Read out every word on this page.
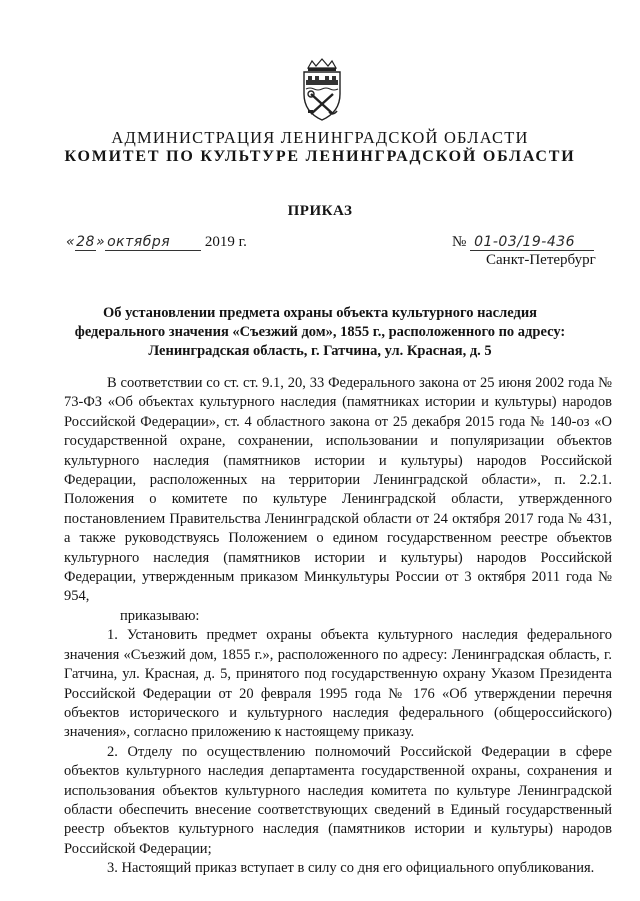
АДМИНИСТРАЦИЯ ЛЕНИНГРАДСКОЙ ОБЛАСТИ
КОМИТЕТ ПО КУЛЬТУРЕ ЛЕНИНГРАДСКОЙ ОБЛАСТИ
ПРИКАЗ
«28» октября 2019 г.	№ 01-03/19-436
Санкт-Петербург
Об установлении предмета охраны объекта культурного наследия
федерального значения «Съезжий дом», 1855 г., расположенного по адресу:
Ленинградская область, г. Гатчина, ул. Красная, д. 5
В соответствии со ст. ст. 9.1, 20, 33 Федерального закона от 25 июня 2002 года № 73-ФЗ «Об объектах культурного наследия (памятниках истории и культуры) народов Российской Федерации», ст. 4 областного закона от 25 декабря 2015 года № 140-оз «О государственной охране, сохранении, использовании и популяризации объектов культурного наследия (памятников истории и культуры) народов Российской Федерации, расположенных на территории Ленинградской области», п. 2.2.1. Положения о комитете по культуре Ленинградской области, утвержденного постановлением Правительства Ленинградской области от 24 октября 2017 года № 431, а также руководствуясь Положением о едином государственном реестре объектов культурного наследия (памятников истории и культуры) народов Российской Федерации, утвержденным приказом Минкультуры России от 3 октября 2011 года № 954,
приказываю:
1. Установить предмет охраны объекта культурного наследия федерального значения «Съезжий дом, 1855 г.», расположенного по адресу: Ленинградская область, г. Гатчина, ул. Красная, д. 5, принятого под государственную охрану Указом Президента Российской Федерации от 20 февраля 1995 года № 176 «Об утверждении перечня объектов исторического и культурного наследия федерального (общероссийского) значения», согласно приложению к настоящему приказу.
2. Отделу по осуществлению полномочий Российской Федерации в сфере объектов культурного наследия департамента государственной охраны, сохранения и использования объектов культурного наследия комитета по культуре Ленинградской области обеспечить внесение соответствующих сведений в Единый государственный реестр объектов культурного наследия (памятников истории и культуры) народов Российской Федерации;
3. Настоящий приказ вступает в силу со дня его официального опубликования.
